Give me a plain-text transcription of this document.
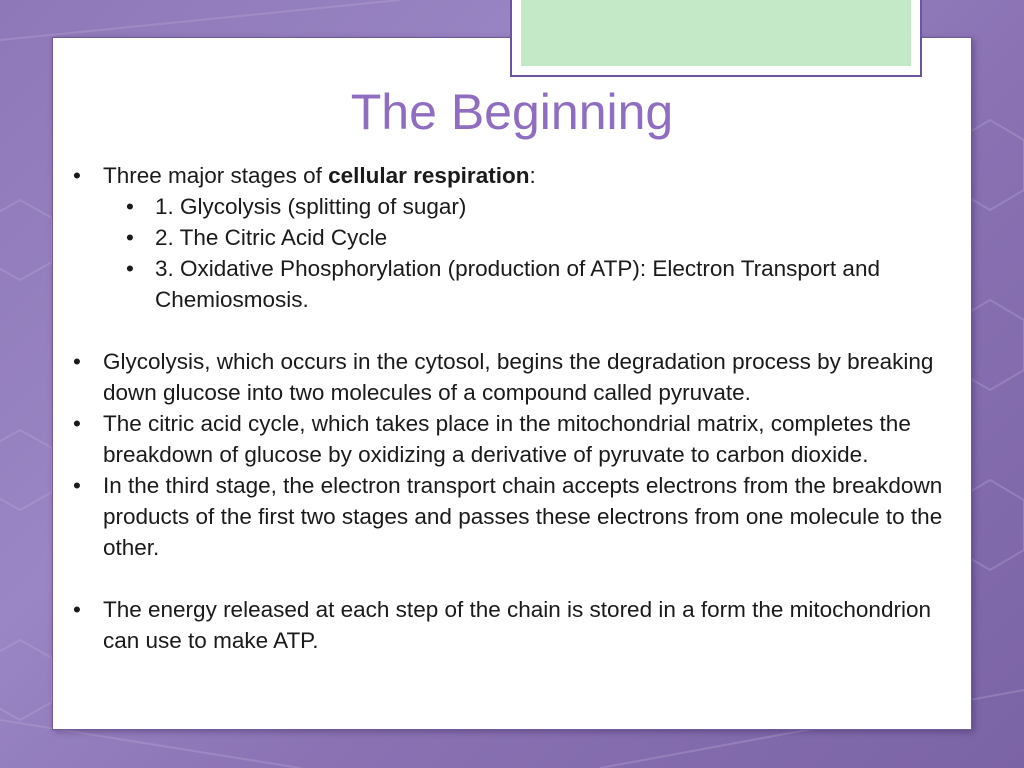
The Beginning
• Three major stages of cellular respiration:
• 1. Glycolysis (splitting of sugar)
• 2. The Citric Acid Cycle
• 3. Oxidative Phosphorylation (production of ATP): Electron Transport and Chemiosmosis.
• Glycolysis, which occurs in the cytosol, begins the degradation process by breaking down glucose into two molecules of a compound called pyruvate.
• The citric acid cycle, which takes place in the mitochondrial matrix, completes the breakdown of glucose by oxidizing a derivative of pyruvate to carbon dioxide.
• In the third stage, the electron transport chain accepts electrons from the breakdown products of the first two stages and passes these electrons from one molecule to the other.
• The energy released at each step of the chain is stored in a form the mitochondrion can use to make ATP.
